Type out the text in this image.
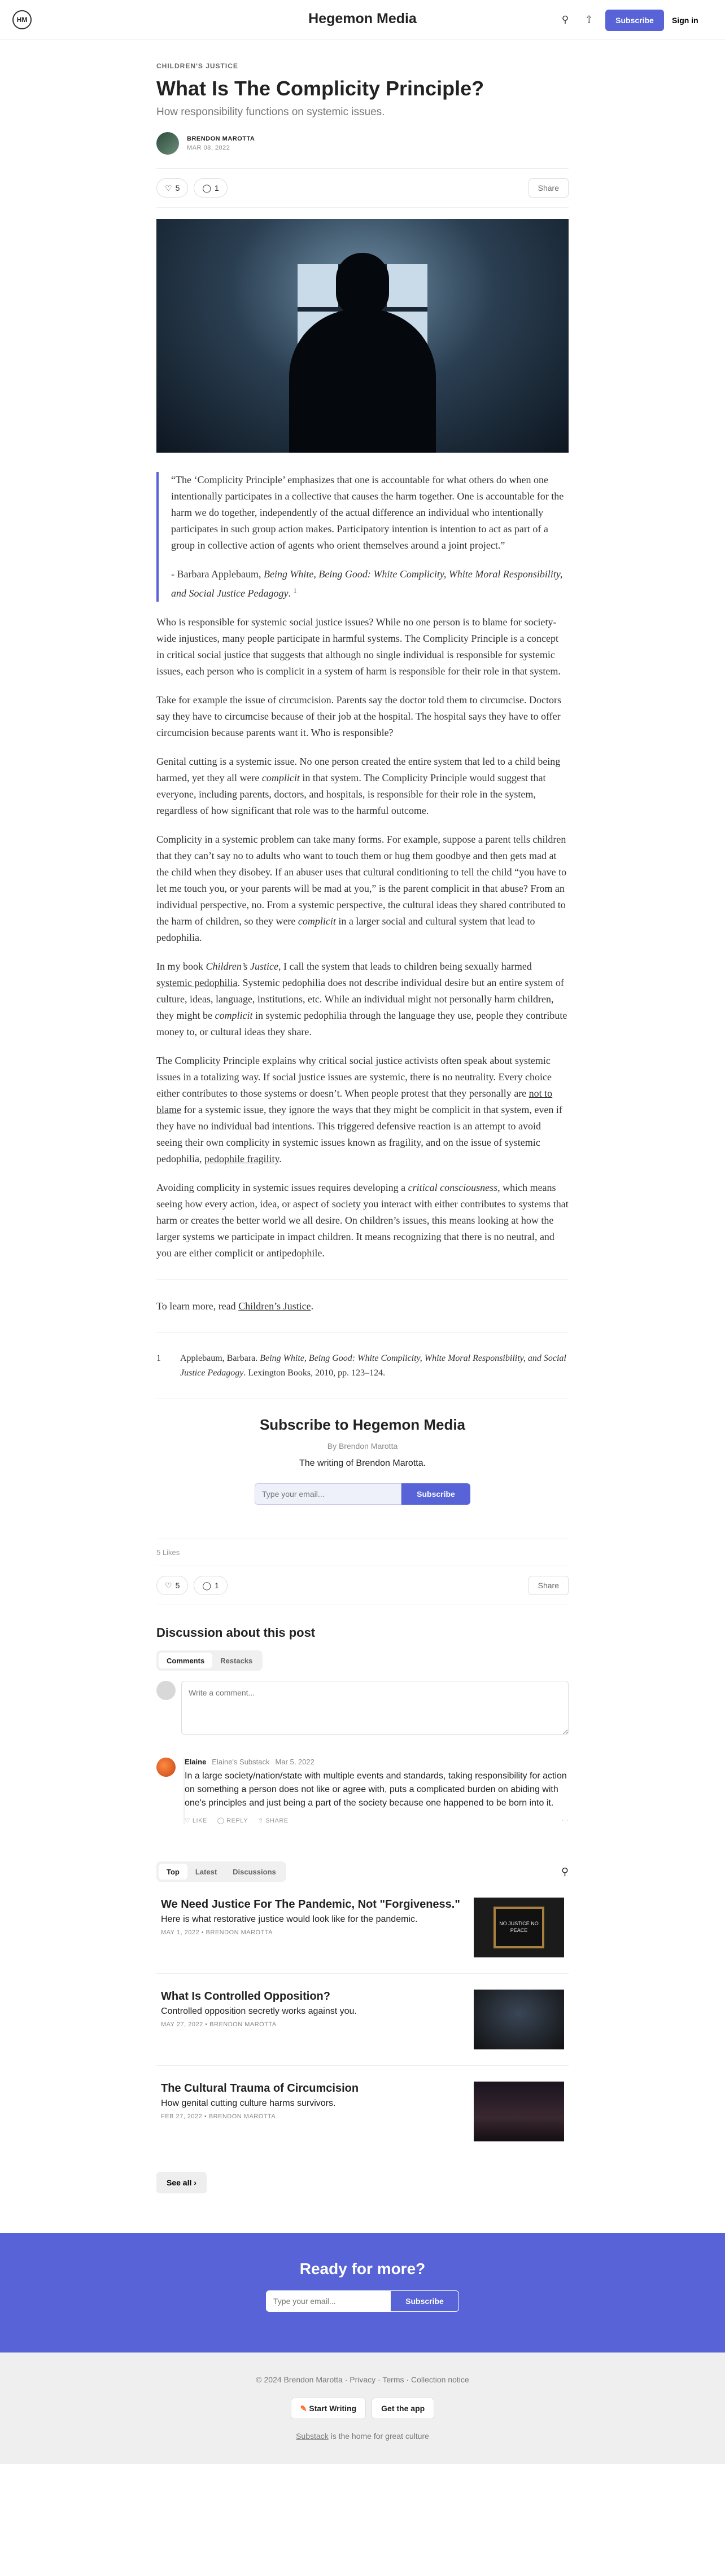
HM	Hegemon Media	⚲ ⇧	Subscribe	Sign in
CHILDREN'S JUSTICE
What Is The Complicity Principle?
How responsibility functions on systemic issues.
BRENDON MAROTTA
MAR 08, 2022
♡ 5	◯ 1	Share

“The ‘Complicity Principle’ emphasizes that one is accountable for what others do when one intentionally participates in a collective that causes the harm together. One is accountable for the harm we do together, independently of the actual difference an individual who intentionally participates in such group action makes. Participatory intention is intention to act as part of a group in collective action of agents who orient themselves around a joint project.”

- Barbara Applebaum, Being White, Being Good: White Complicity, White Moral Responsibility, and Social Justice Pedagogy. $^1$

Who is responsible for systemic social justice issues? While no one person is to blame for society-wide injustices, many people participate in harmful systems. The Complicity Principle is a concept in critical social justice that suggests that although no single individual is responsible for systemic issues, each person who is complicit in a system of harm is responsible for their role in that system.

Take for example the issue of circumcision. Parents say the doctor told them to circumcise. Doctors say they have to circumcise because of their job at the hospital. The hospital says they have to offer circumcision because parents want it. Who is responsible?

Genital cutting is a systemic issue. No one person created the entire system that led to a child being harmed, yet they all were complicit in that system. The Complicity Principle would suggest that everyone, including parents, doctors, and hospitals, is responsible for their role in the system, regardless of how significant that role was to the harmful outcome.

Complicity in a systemic problem can take many forms. For example, suppose a parent tells children that they can’t say no to adults who want to touch them or hug them goodbye and then gets mad at the child when they disobey. If an abuser uses that cultural conditioning to tell the child “you have to let me touch you, or your parents will be mad at you,” is the parent complicit in that abuse? From an individual perspective, no. From a systemic perspective, the cultural ideas they shared contributed to the harm of children, so they were complicit in a larger social and cultural system that lead to pedophilia.

In my book Children’s Justice, I call the system that leads to children being sexually harmed systemic pedophilia. Systemic pedophilia does not describe individual desire but an entire system of culture, ideas, language, institutions, etc. While an individual might not personally harm children, they might be complicit in systemic pedophilia through the language they use, people they contribute money to, or cultural ideas they share.

The Complicity Principle explains why critical social justice activists often speak about systemic issues in a totalizing way. If social justice issues are systemic, there is no neutrality. Every choice either contributes to those systems or doesn’t. When people protest that they personally are not to blame for a systemic issue, they ignore the ways that they might be complicit in that system, even if they have no individual bad intentions. This triggered defensive reaction is an attempt to avoid seeing their own complicity in systemic issues known as fragility, and on the issue of systemic pedophilia, pedophile fragility.

Avoiding complicity in systemic issues requires developing a critical consciousness, which means seeing how every action, idea, or aspect of society you interact with either contributes to systems that harm or creates the better world we all desire. On children’s issues, this means looking at how the larger systems we participate in impact children. It means recognizing that there is no neutral, and you are either complicit or antipedophile.

To learn more, read Children’s Justice.

1	Applebaum, Barbara. Being White, Being Good: White Complicity, White Moral Responsibility, and Social Justice Pedagogy. Lexington Books, 2010, pp. 123–124.
Subscribe to Hegemon Media
By Brendon Marotta
The writing of Brendon Marotta.
Type your email...
Subscribe
5 Likes
♡ 5	◯ 1	Share
Discussion about this post
Comments	Restacks
Write a comment...
Elaine Elaine's Substack Mar 5, 2022
In a large society/nation/state with multiple events and standards, taking responsibility for action on something a person does not like or agree with, puts a complicated burden on abiding with one's principles and just being a part of the society because one happened to be born into it.
♡ LIKE ◯ REPLY ⇧ SHARE	···
Top	Latest	Discussions	⚲
We Need Justice For The Pandemic, Not "Forgiveness."
Here is what restorative justice would look like for the pandemic.
MAY 1, 2022 • BRENDON MAROTTA
NO JUSTICE NO PEACE
What Is Controlled Opposition?
Controlled opposition secretly works against you.
MAY 27, 2022 • BRENDON MAROTTA
The Cultural Trauma of Circumcision
How genital cutting culture harms survivors.
FEB 27, 2022 • BRENDON MAROTTA
See all ›
Ready for more?
Type your email...
Subscribe
© 2024 Brendon Marotta · Privacy · Terms · Collection notice
✎ Start Writing	Get the app
Substack is the home for great culture
